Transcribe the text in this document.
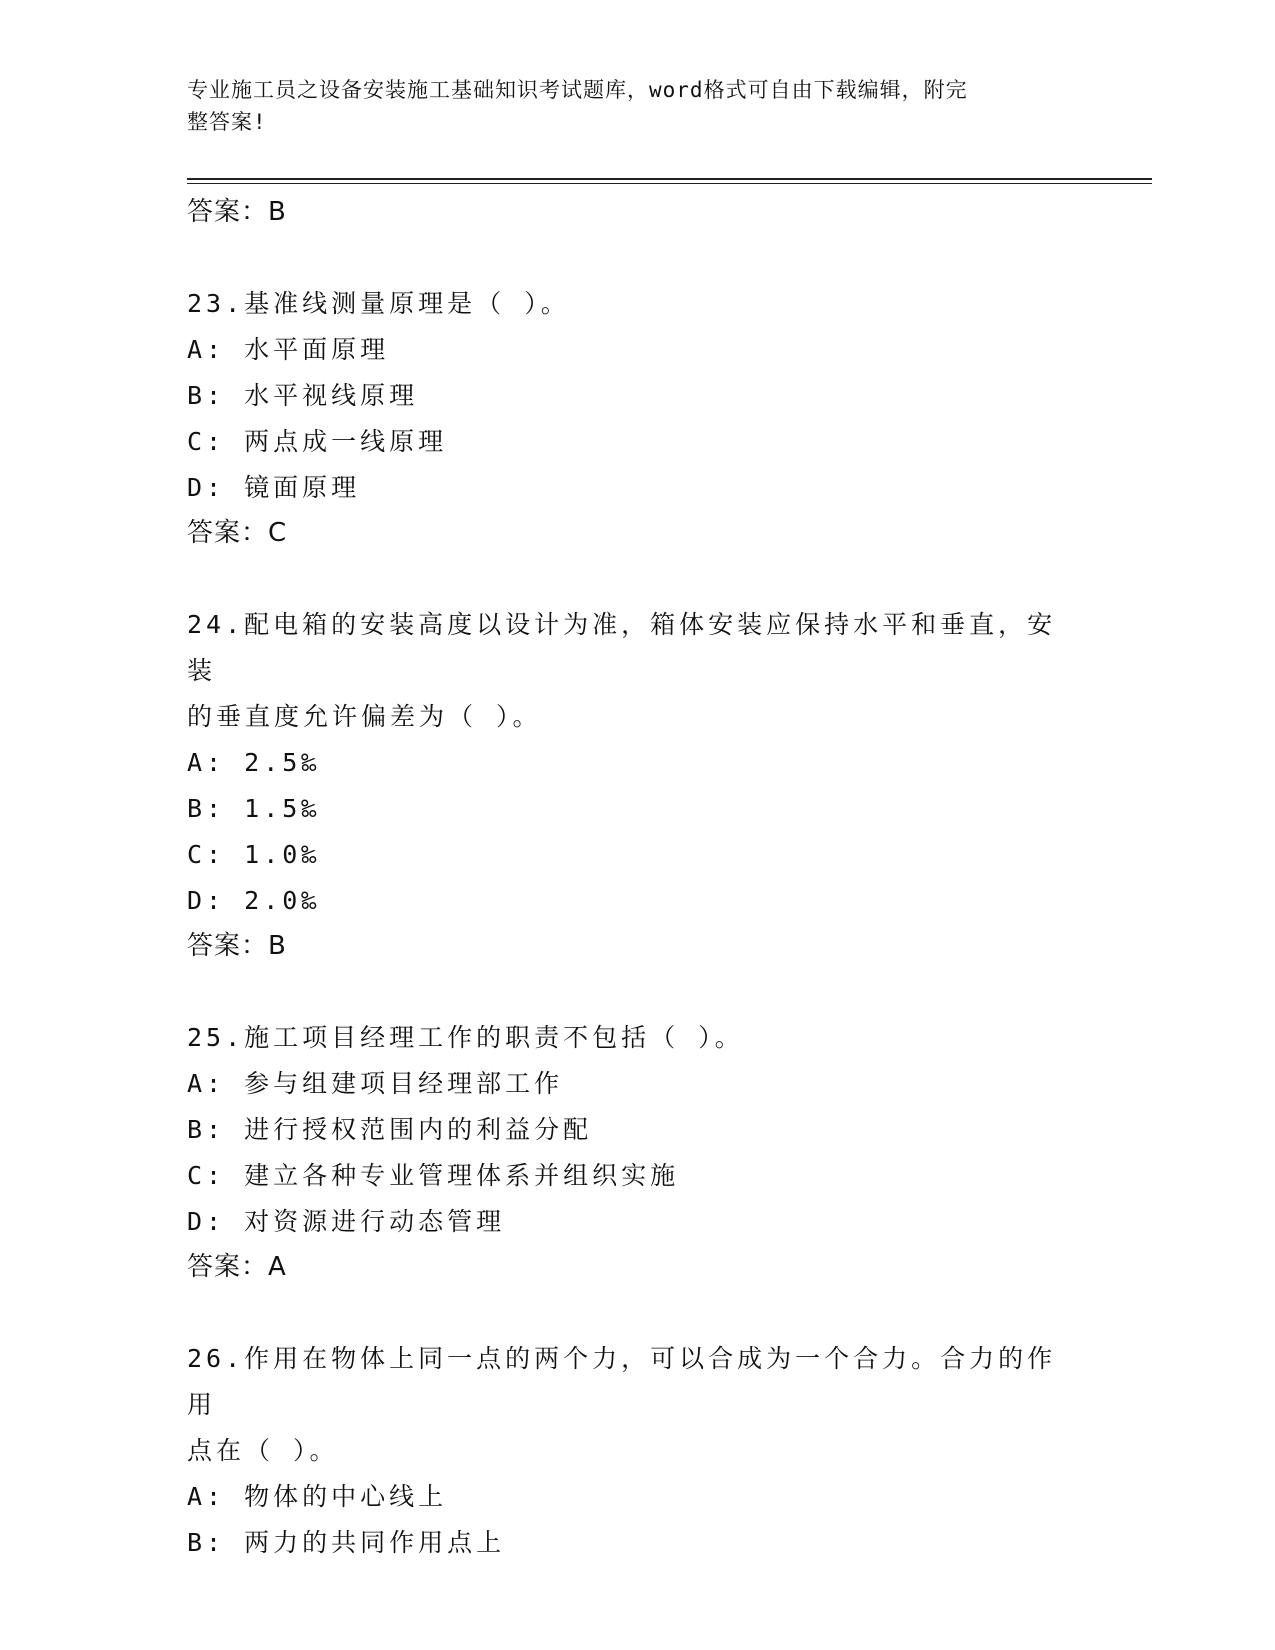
专业施工员之设备安装施工基础知识考试题库，word格式可自由下载编辑，附完
整答案!
答案：B
23.基准线测量原理是（ ）。
A: 水平面原理
B: 水平视线原理
C: 两点成一线原理
D: 镜面原理
答案：C
24.配电箱的安装高度以设计为准，箱体安装应保持水平和垂直，安装
的垂直度允许偏差为（ ）。
A: 2.5‰
B: 1.5‰
C: 1.0‰
D: 2.0‰
答案：B
25.施工项目经理工作的职责不包括（ ）。
A: 参与组建项目经理部工作
B: 进行授权范围内的利益分配
C: 建立各种专业管理体系并组织实施
D: 对资源进行动态管理
答案：A
26.作用在物体上同一点的两个力，可以合成为一个合力。合力的作用
点在（ ）。
A: 物体的中心线上
B: 两力的共同作用点上
